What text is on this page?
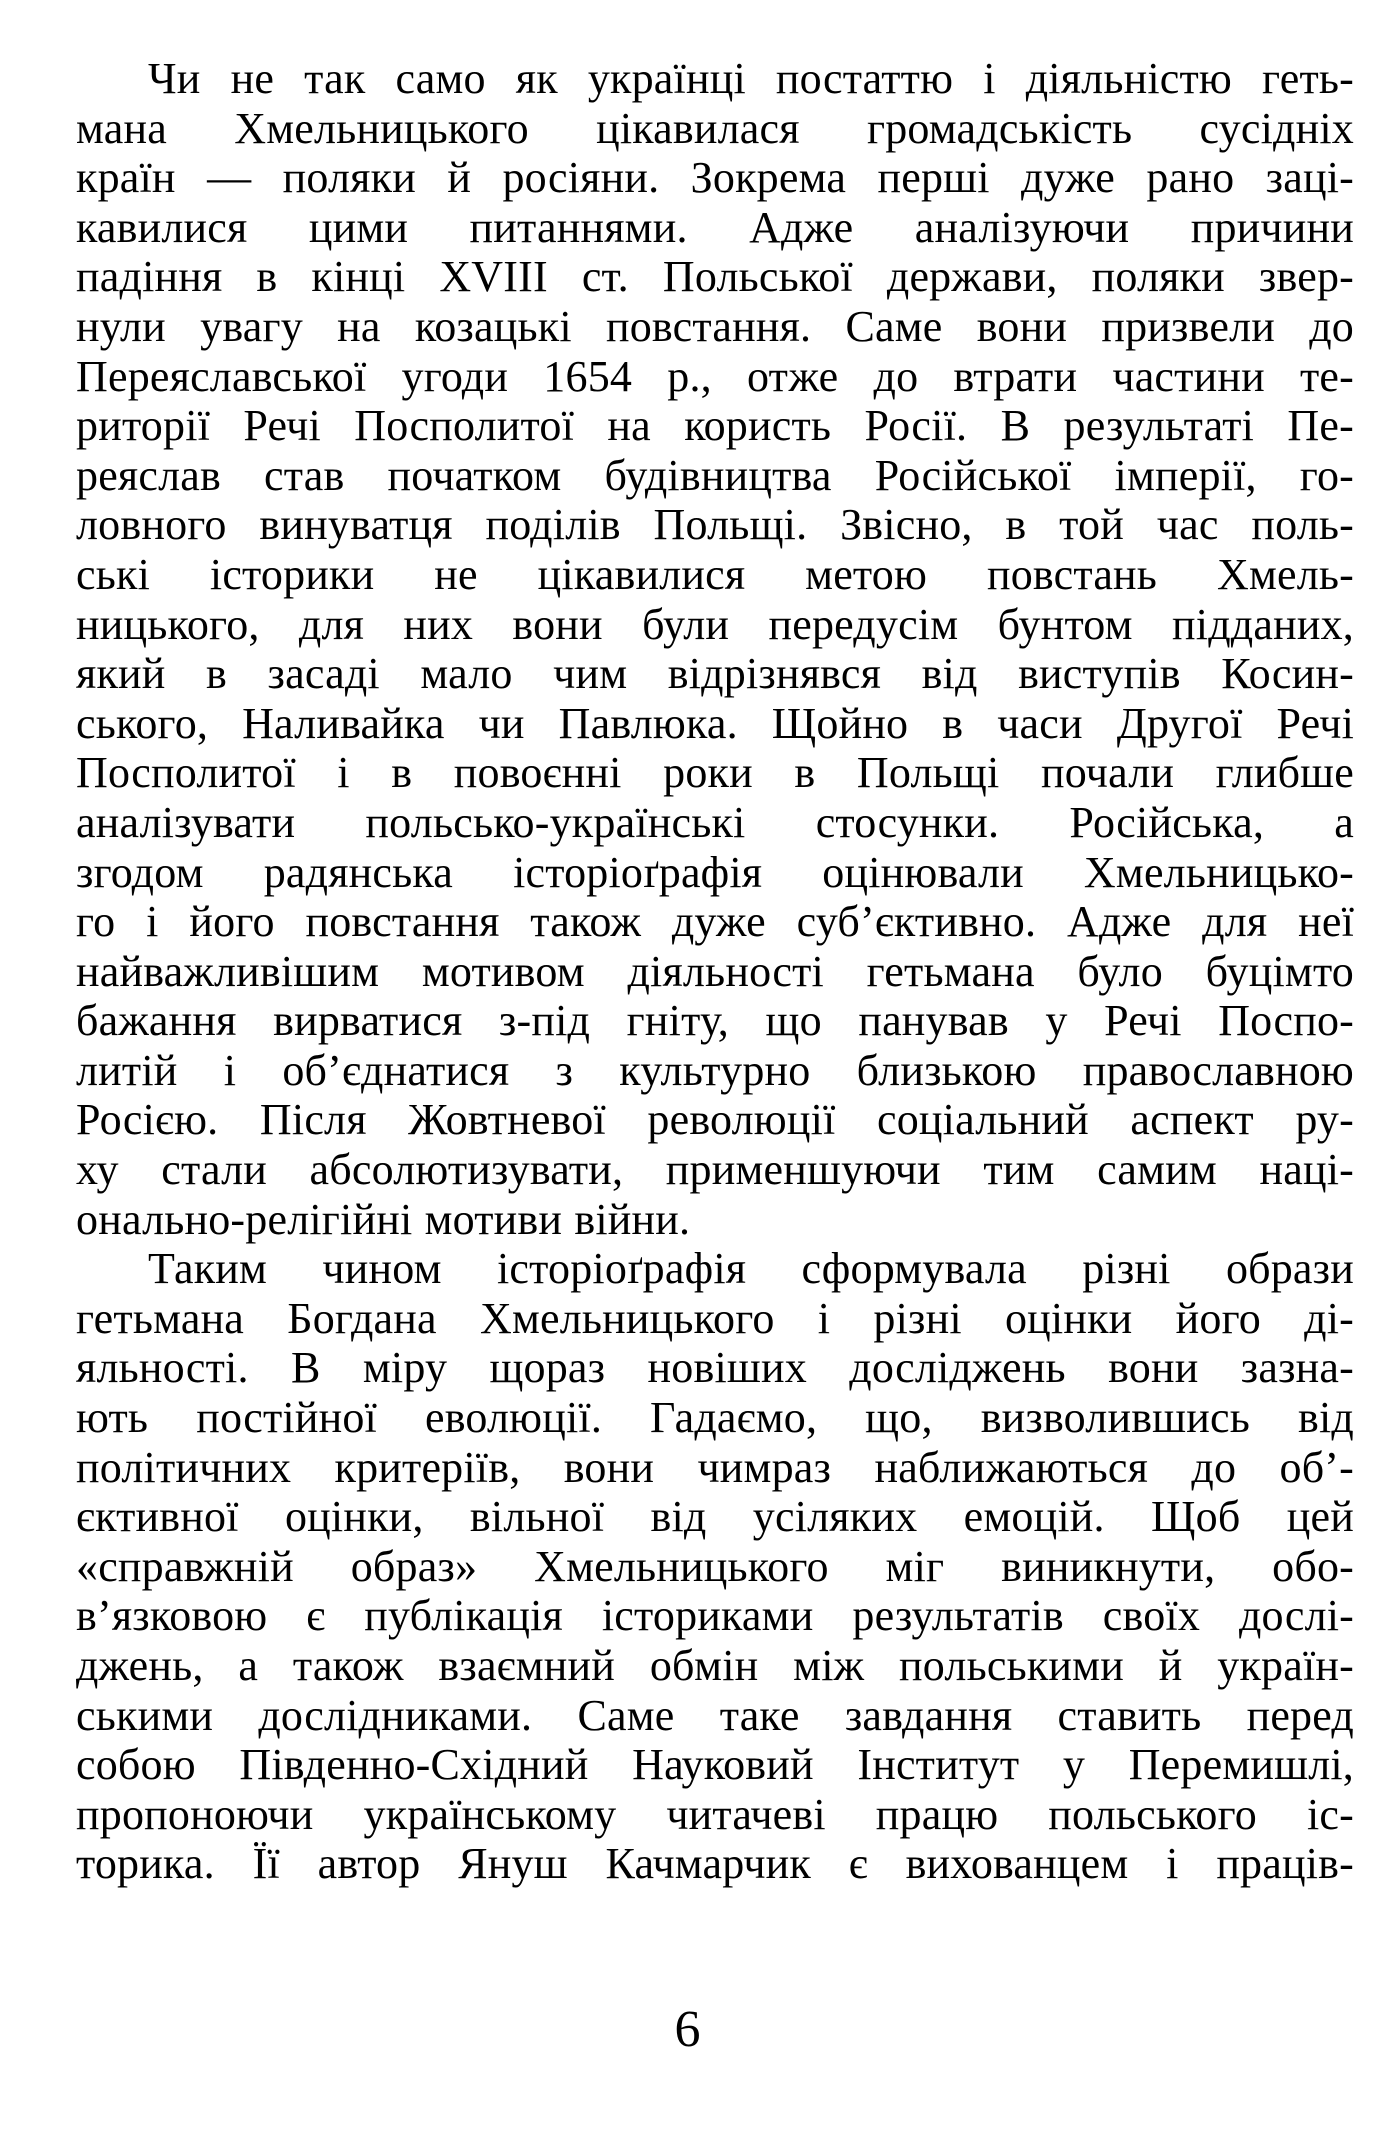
Чи не так само як українці постаттю і діяльністю геть-
мана Хмельницького цікавилася громадськість сусідніх
країн — поляки й росіяни. Зокрема перші дуже рано заці-
кавилися цими питаннями. Адже аналізуючи причини
падіння в кінці XVIII ст. Польської держави, поляки звер-
нули увагу на козацькі повстання. Саме вони призвели до
Переяславської угоди 1654 р., отже до втрати частини те-
риторії Речі Посполитої на користь Росії. В результаті Пе-
реяслав став початком будівництва Російської імперії, го-
ловного винуватця поділів Польщі. Звісно, в той час поль-
ські історики не цікавилися метою повстань Хмель-
ницького, для них вони були передусім бунтом підданих,
який в засаді мало чим відрізнявся від виступів Косин-
ського, Наливайка чи Павлюка. Щойно в часи Другої Речі
Посполитої і в повоєнні роки в Польщі почали глибше
аналізувати польсько-українські стосунки. Російська, а
згодом радянська історіоґрафія оцінювали Хмельницько-
го і його повстання також дуже суб’єктивно. Адже для неї
найважливішим мотивом діяльності гетьмана було буцімто
бажання вирватися з-під гніту, що панував у Речі Поспо-
литій і об’єднатися з культурно близькою православною
Росією. Після Жовтневої революції соціальний аспект ру-
ху стали абсолютизувати, применшуючи тим самим наці-
онально-релігійні мотиви війни.
Таким чином історіоґрафія сформувала різні образи
гетьмана Богдана Хмельницького і різні оцінки його ді-
яльності. В міру щораз новіших досліджень вони зазна-
ють постійної еволюції. Гадаємо, що, визволившись від
політичних критеріїв, вони чимраз наближаються до об’-
єктивної оцінки, вільної від усіляких емоцій. Щоб цей
«справжній образ» Хмельницького міг виникнути, обо-
в’язковою є публікація істориками результатів своїх дослі-
джень, а також взаємний обмін між польськими й україн-
ськими дослідниками. Саме таке завдання ставить перед
собою Південно-Східний Науковий Інститут у Перемишлі,
пропоноючи українському читачеві працю польського іс-
торика. Її автор Януш Качмарчик є вихованцем і праців-
6
